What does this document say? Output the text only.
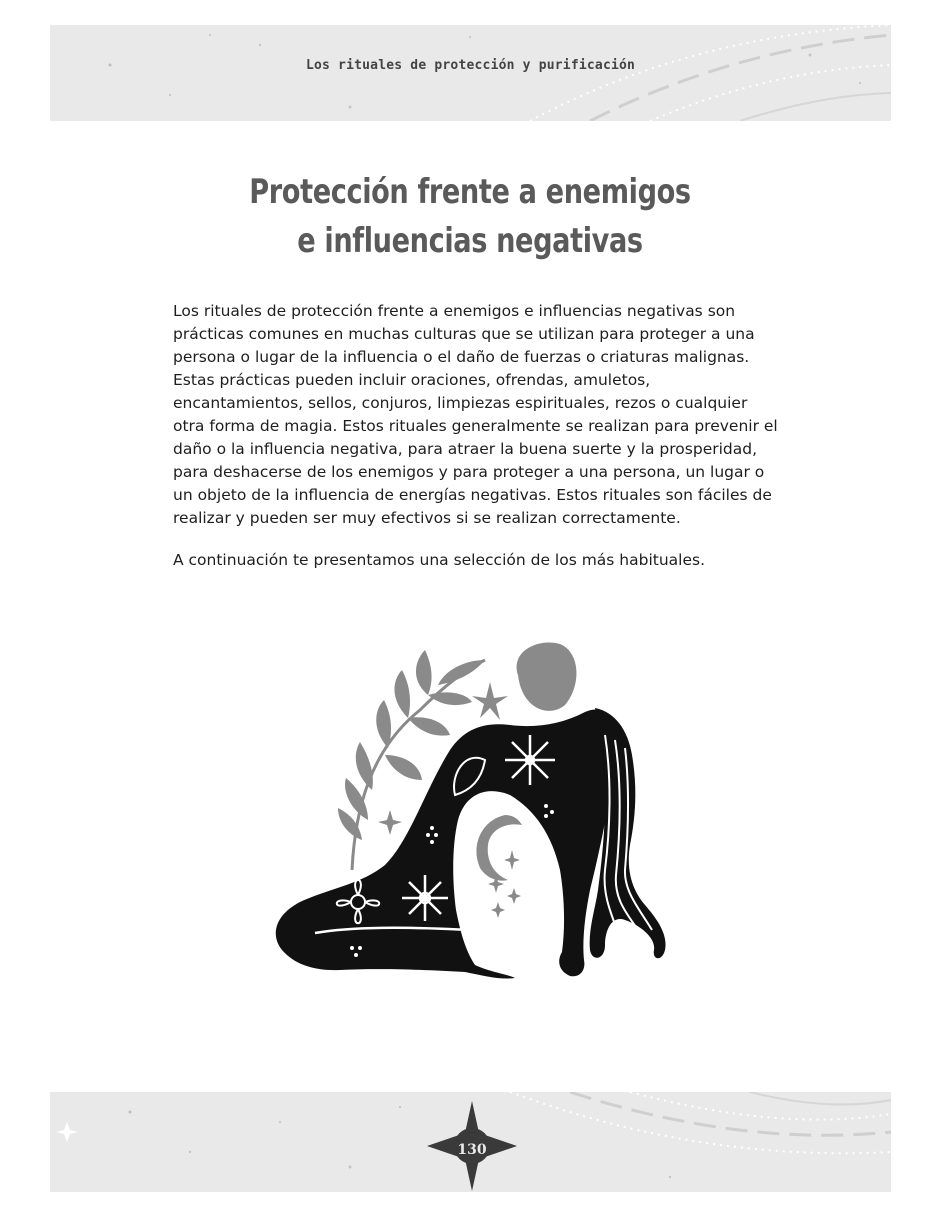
Los rituales de protección y purificación
Protección frente a enemigos
e influencias negativas

Los rituales de protección frente a enemigos e influencias negativas son prácticas comunes en muchas culturas que se utilizan para proteger a una persona o lugar de la influencia o el daño de fuerzas o criaturas malignas. Estas prácticas pueden incluir oraciones, ofrendas, amuletos, encantamientos, sellos, conjuros, limpiezas espirituales, rezos o cualquier otra forma de magia. Estos rituales generalmente se realizan para prevenir el daño o la influencia negativa, para atraer la buena suerte y la prosperidad, para deshacerse de los enemigos y para proteger a una persona, un lugar o un objeto de la influencia de energías negativas. Estos rituales son fáciles de realizar y pueden ser muy efectivos si se realizan correctamente.

A continuación te presentamos una selección de los más habituales.

130
